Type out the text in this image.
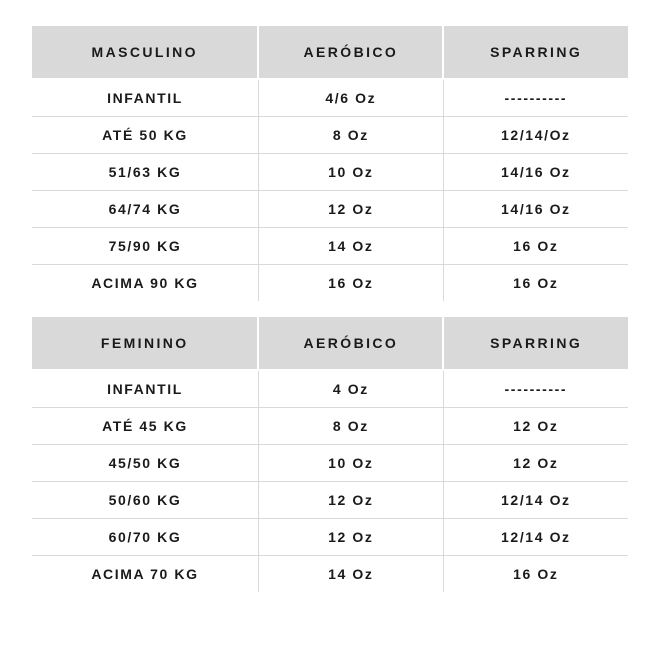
MASCULINO	AERÓBICO	SPARRING
INFANTIL	4/6 Oz	----------
ATÉ 50 KG	8 Oz	12/14/Oz
51/63 KG	10 Oz	14/16 Oz
64/74 KG	12 Oz	14/16 Oz
75/90 KG	14 Oz	16 Oz
ACIMA 90 KG	16 Oz	16 Oz
FEMININO	AERÓBICO	SPARRING
INFANTIL	4 Oz	----------
ATÉ 45 KG	8 Oz	12 Oz
45/50 KG	10 Oz	12 Oz
50/60 KG	12 Oz	12/14 Oz
60/70 KG	12 Oz	12/14 Oz
ACIMA 70 KG	14 Oz	16 Oz
